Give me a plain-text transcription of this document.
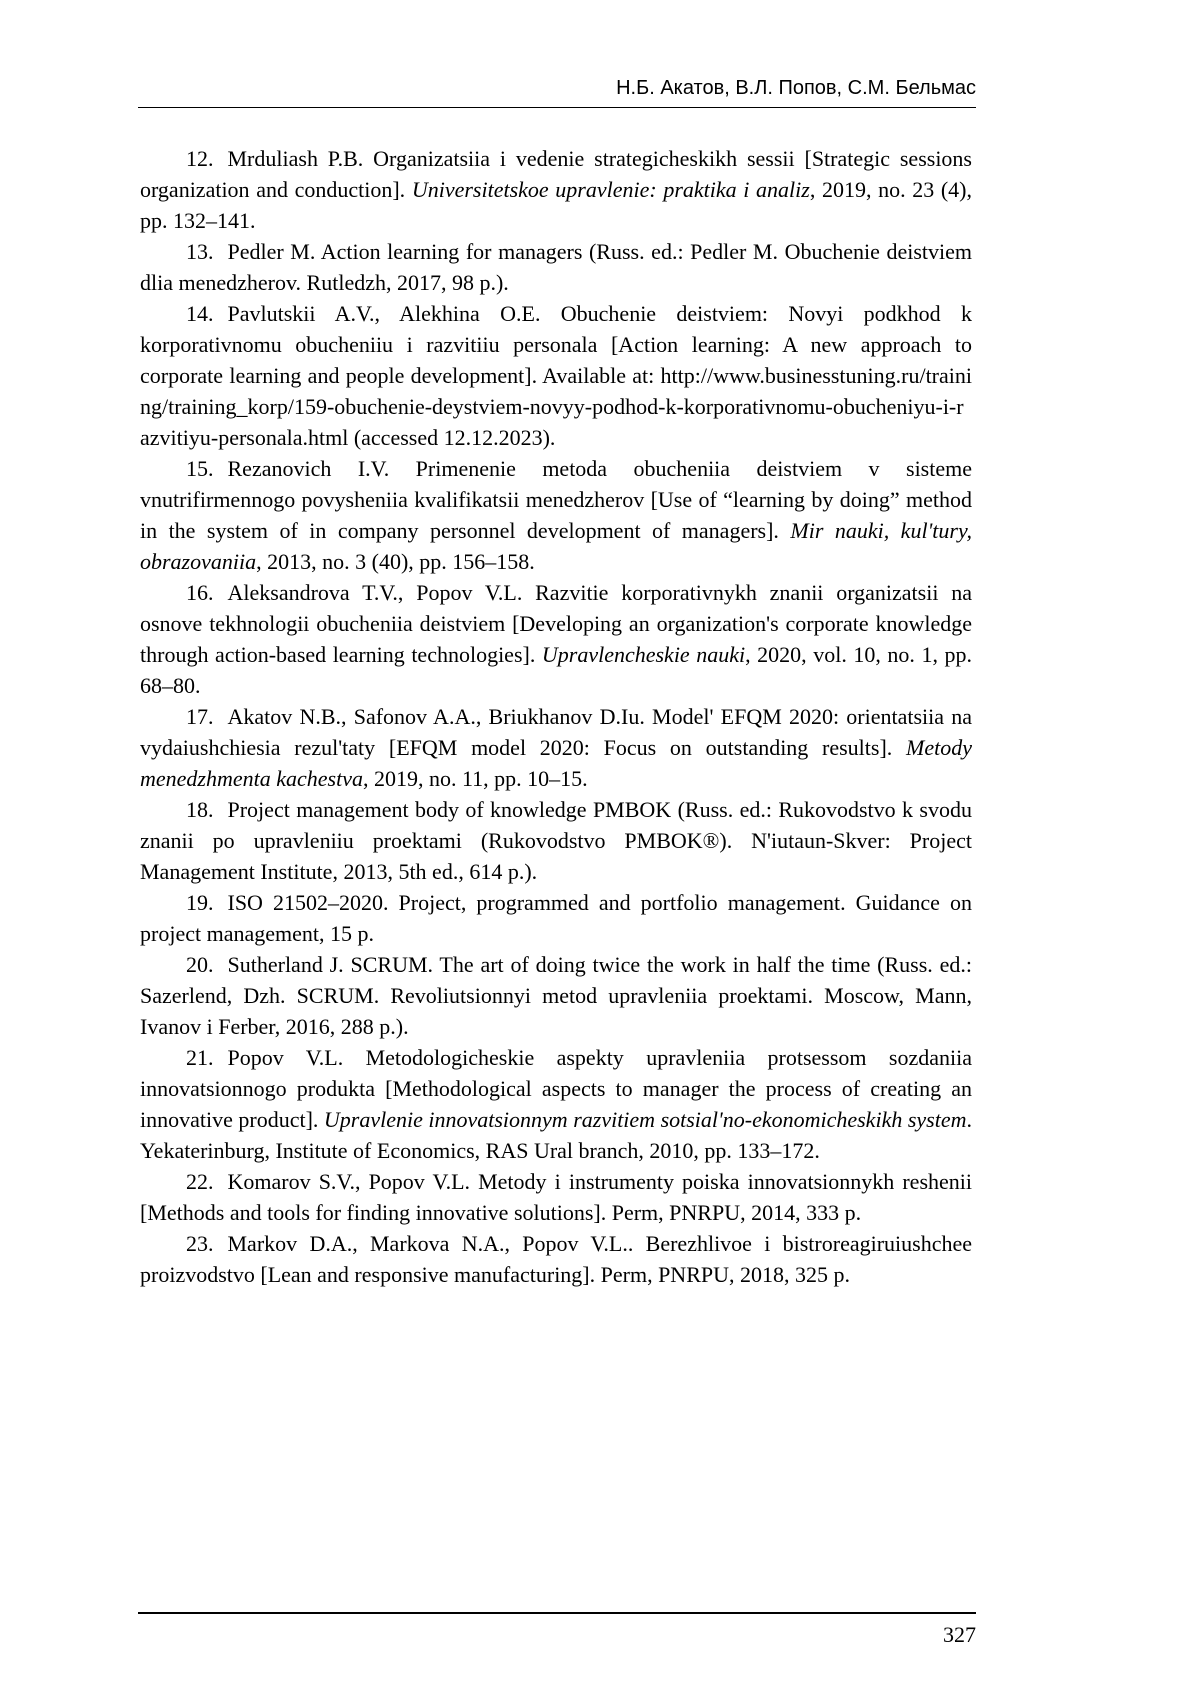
Н.Б. Акатов, В.Л. Попов, С.М. Бельмас

12. Mrduliash P.B. Organizatsiia i vedenie strategicheskikh sessii [Strategic sessions organization and conduction]. Universitetskoe upravlenie: praktika i analiz, 2019, no. 23 (4), pp. 132–141.

13. Pedler M. Action learning for managers (Russ. ed.: Pedler M. Obuchenie deistviem dlia menedzherov. Rutledzh, 2017, 98 p.).

14. Pavlutskii A.V., Alekhina O.E. Obuchenie deistviem: Novyi podkhod k korporativnomu obucheniiu i razvitiiu personala [Action learning: A new approach to corporate learning and people development]. Available at: http://www.businesstuning.ru/training/training_korp/159-obuchenie-deystviem-novyy-podhod-k-korporativnomu-obucheniyu-i-razvitiyu-personala.html (accessed 12.12.2023).

15. Rezanovich I.V. Primenenie metoda obucheniia deistviem v sisteme vnutrifirmennogo povysheniia kvalifikatsii menedzherov [Use of “learning by doing” method in the system of in company personnel development of managers]. Mir nauki, kul'tury, obrazovaniia, 2013, no. 3 (40), pp. 156–158.

16. Aleksandrova T.V., Popov V.L. Razvitie korporativnykh znanii organizatsii na osnove tekhnologii obucheniia deistviem [Developing an organization's corporate knowledge through action-based learning technologies]. Upravlencheskie nauki, 2020, vol. 10, no. 1, pp. 68–80.

17. Akatov N.B., Safonov A.A., Briukhanov D.Iu. Model' EFQM 2020: orientatsiia na vydaiushchiesia rezul'taty [EFQM model 2020: Focus on outstanding results]. Metody menedzhmenta kachestva, 2019, no. 11, pp. 10–15.

18. Project management body of knowledge PMBOK (Russ. ed.: Rukovodstvo k svodu znanii po upravleniiu proektami (Rukovodstvo PMBOK®). N'iutaun-Skver: Project Management Institute, 2013, 5th ed., 614 p.).

19. ISO 21502–2020. Project, programmed and portfolio management. Guidance on project management, 15 p.

20. Sutherland J. SCRUM. The art of doing twice the work in half the time (Russ. ed.: Sazerlend, Dzh. SCRUM. Revoliutsionnyi metod upravleniia proektami. Moscow, Mann, Ivanov i Ferber, 2016, 288 p.).

21. Popov V.L. Metodologicheskie aspekty upravleniia protsessom sozdaniia innovatsionnogo produkta [Methodological aspects to manager the process of creating an innovative product]. Upravlenie innovatsionnym razvitiem sotsial'no-ekonomicheskikh system. Yekaterinburg, Institute of Economics, RAS Ural branch, 2010, pp. 133–172.

22. Komarov S.V., Popov V.L. Metody i instrumenty poiska innovatsionnykh reshenii [Methods and tools for finding innovative solutions]. Perm, PNRPU, 2014, 333 p.

23. Markov D.A., Markova N.A., Popov V.L.. Berezhlivoe i bistroreagiruiushchee proizvodstvo [Lean and responsive manufacturing]. Perm, PNRPU, 2018, 325 p.

327
